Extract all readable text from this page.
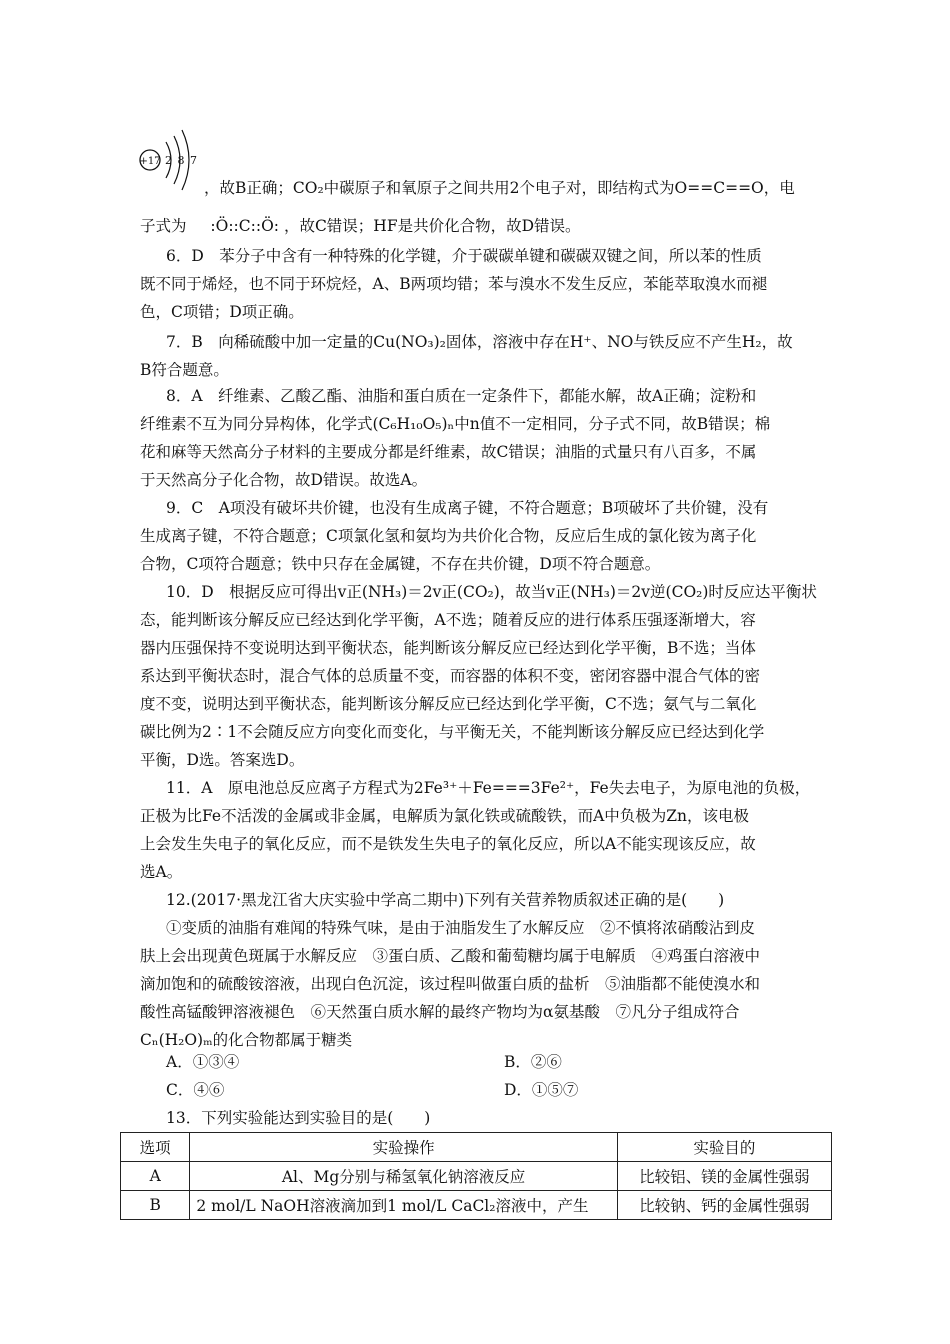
+17 2 8 7
，故B正确；CO₂中碳原子和氧原子之间共用2个电子对，即结构式为O==C==O，电
子式为 :Ö::C::Ö: ，故C错误；HF是共价化合物，故D错误。
6．D　苯分子中含有一种特殊的化学键，介于碳碳单键和碳碳双键之间，所以苯的性质
既不同于烯烃，也不同于环烷烃，A、B两项均错；苯与溴水不发生反应，苯能萃取溴水而褪
色，C项错；D项正确。
7．B　向稀硫酸中加一定量的Cu(NO₃)₂固体，溶液中存在H⁺、NO与铁反应不产生H₂，故
B符合题意。
8．A　纤维素、乙酸乙酯、油脂和蛋白质在一定条件下，都能水解，故A正确；淀粉和
纤维素不互为同分异构体，化学式(C₆H₁₀O₅)ₙ中n值不一定相同，分子式不同，故B错误；棉
花和麻等天然高分子材料的主要成分都是纤维素，故C错误；油脂的式量只有八百多，不属
于天然高分子化合物，故D错误。故选A。
9．C　A项没有破坏共价键，也没有生成离子键，不符合题意；B项破坏了共价键，没有
生成离子键，不符合题意；C项氯化氢和氨均为共价化合物，反应后生成的氯化铵为离子化
合物，C项符合题意；铁中只存在金属键，不存在共价键，D项不符合题意。
10．D　根据反应可得出v正(NH₃)＝2v正(CO₂)，故当v正(NH₃)＝2v逆(CO₂)时反应达平衡状
态，能判断该分解反应已经达到化学平衡，A不选；随着反应的进行体系压强逐渐增大，容
器内压强保持不变说明达到平衡状态，能判断该分解反应已经达到化学平衡，B不选；当体
系达到平衡状态时，混合气体的总质量不变，而容器的体积不变，密闭容器中混合气体的密
度不变，说明达到平衡状态，能判断该分解反应已经达到化学平衡，C不选；氨气与二氧化
碳比例为2∶1不会随反应方向变化而变化，与平衡无关，不能判断该分解反应已经达到化学
平衡，D选。答案选D。
11．A　原电池总反应离子方程式为2Fe³⁺＋Fe===3Fe²⁺，Fe失去电子，为原电池的负极，
正极为比Fe不活泼的金属或非金属，电解质为氯化铁或硫酸铁，而A中负极为Zn，该电极
上会发生失电子的氧化反应，而不是铁发生失电子的氧化反应，所以A不能实现该反应，故
选A。
12.(2017·黑龙江省大庆实验中学高二期中)下列有关营养物质叙述正确的是(　　)
①变质的油脂有难闻的特殊气味，是由于油脂发生了水解反应　②不慎将浓硝酸沾到皮
肤上会出现黄色斑属于水解反应　③蛋白质、乙酸和葡萄糖均属于电解质　④鸡蛋白溶液中
滴加饱和的硫酸铵溶液，出现白色沉淀，该过程叫做蛋白质的盐析　⑤油脂都不能使溴水和
酸性高锰酸钾溶液褪色　⑥天然蛋白质水解的最终产物均为α氨基酸　⑦凡分子组成符合
Cₙ(H₂O)ₘ的化合物都属于糖类
A．①③④	B．②⑥
C．④⑥	D．①⑤⑦
13．下列实验能达到实验目的是(　　)
选项	实验操作	实验目的
A	Al、Mg分别与稀氢氧化钠溶液反应	比较铝、镁的金属性强弱
B	2 mol/L NaOH溶液滴加到1 mol/L CaCl₂溶液中，产生	比较钠、钙的金属性强弱
